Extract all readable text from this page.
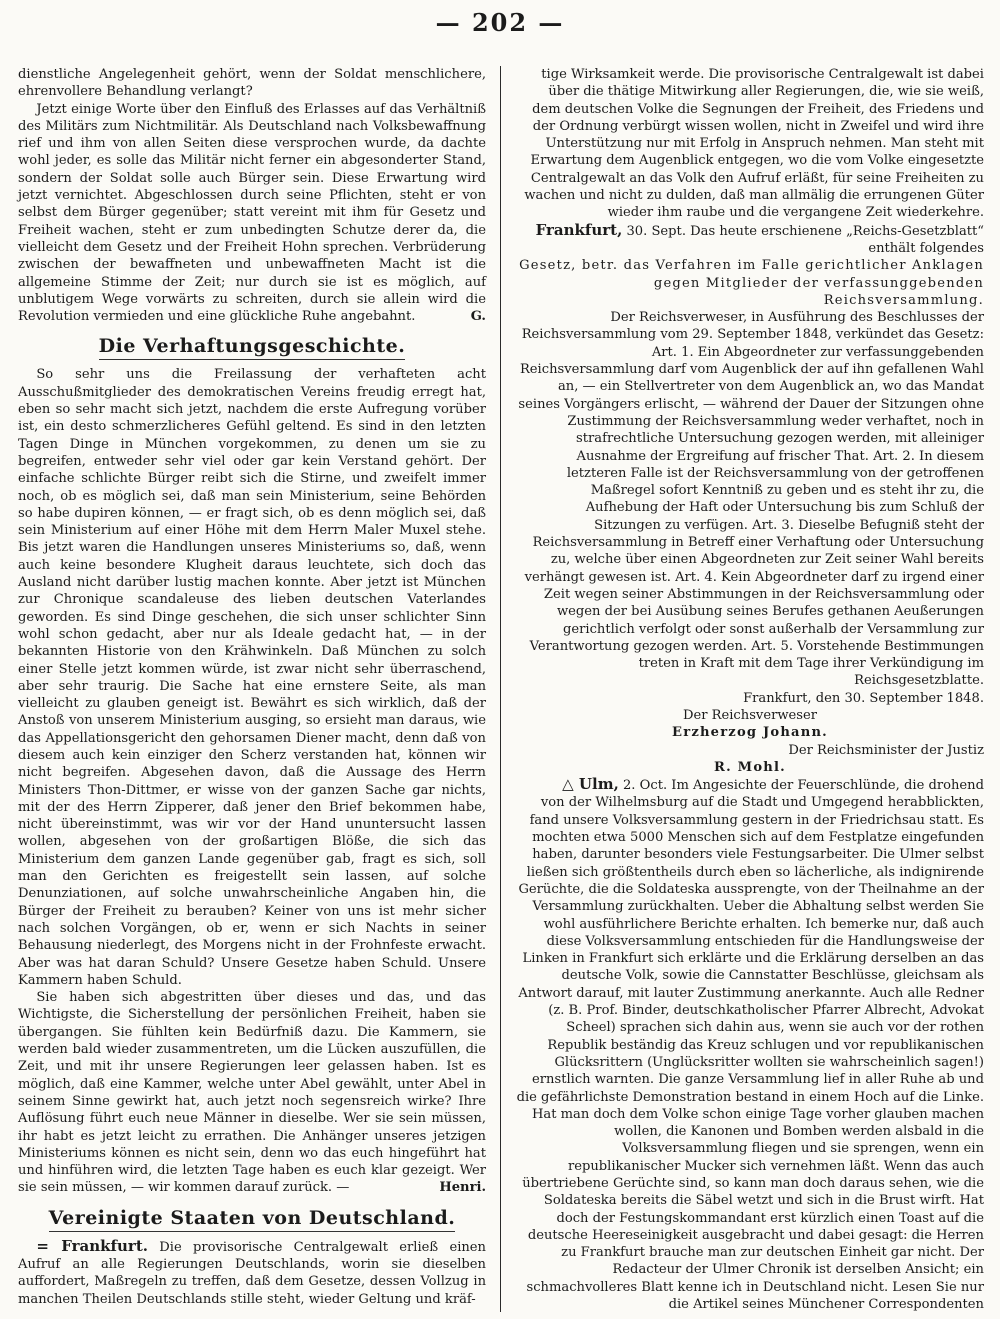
— 202 —

dienstliche Angelegenheit gehört, wenn der Soldat menschlichere, ehrenvollere Behandlung verlangt?

Jetzt einige Worte über den Einfluß des Erlasses auf das Verhältniß des Militärs zum Nichtmilitär. Als Deutschland nach Volksbewaffnung rief und ihm von allen Seiten diese versprochen wurde, da dachte wohl jeder, es solle das Militär nicht ferner ein abgesonderter Stand, sondern der Soldat solle auch Bürger sein. Diese Erwartung wird jetzt vernichtet. Abgeschlossen durch seine Pflichten, steht er von selbst dem Bürger gegenüber; statt vereint mit ihm für Gesetz und Freiheit wachen, steht er zum unbedingten Schutze derer da, die vielleicht dem Gesetz und der Freiheit Hohn sprechen. Verbrüderung zwischen der bewaffneten und unbewaffneten Macht ist die allgemeine Stimme der Zeit; nur durch sie ist es möglich, auf unblutigem Wege vorwärts zu schreiten, durch sie allein wird die Revolution vermieden und eine glückliche Ruhe angebahnt.	G.

Die Verhaftungsgeschichte.

So sehr uns die Freilassung der verhafteten acht Ausschußmitglieder des demokratischen Vereins freudig erregt hat, eben so sehr macht sich jetzt, nachdem die erste Aufregung vorüber ist, ein desto schmerzlicheres Gefühl geltend. Es sind in den letzten Tagen Dinge in München vorgekommen, zu denen um sie zu begreifen, entweder sehr viel oder gar kein Verstand gehört. Der einfache schlichte Bürger reibt sich die Stirne, und zweifelt immer noch, ob es möglich sei, daß man sein Ministerium, seine Behörden so habe dupiren können, — er fragt sich, ob es denn möglich sei, daß sein Ministerium auf einer Höhe mit dem Herrn Maler Muxel stehe. Bis jetzt waren die Handlungen unseres Ministeriums so, daß, wenn auch keine besondere Klugheit daraus leuchtete, sich doch das Ausland nicht darüber lustig machen konnte. Aber jetzt ist München zur Chronique scandaleuse des lieben deutschen Vaterlandes geworden. Es sind Dinge geschehen, die sich unser schlichter Sinn wohl schon gedacht, aber nur als Ideale gedacht hat, — in der bekannten Historie von den Krähwinkeln. Daß München zu solch einer Stelle jetzt kommen würde, ist zwar nicht sehr überraschend, aber sehr traurig. Die Sache hat eine ernstere Seite, als man vielleicht zu glauben geneigt ist. Bewährt es sich wirklich, daß der Anstoß von unserem Ministerium ausging, so ersieht man daraus, wie das Appellationsgericht den gehorsamen Diener macht, denn daß von diesem auch kein einziger den Scherz verstanden hat, können wir nicht begreifen. Abgesehen davon, daß die Aussage des Herrn Ministers Thon-Dittmer, er wisse von der ganzen Sache gar nichts, mit der des Herrn Zipperer, daß jener den Brief bekommen habe, nicht übereinstimmt, was wir vor der Hand ununtersucht lassen wollen, abgesehen von der großartigen Blöße, die sich das Ministerium dem ganzen Lande gegenüber gab, fragt es sich, soll man den Gerichten es freigestellt sein lassen, auf solche Denunziationen, auf solche unwahrscheinliche Angaben hin, die Bürger der Freiheit zu berauben? Keiner von uns ist mehr sicher nach solchen Vorgängen, ob er, wenn er sich Nachts in seiner Behausung niederlegt, des Morgens nicht in der Frohnfeste erwacht. Aber was hat daran Schuld? Unsere Gesetze haben Schuld. Unsere Kammern haben Schuld.

Sie haben sich abgestritten über dieses und das, und das Wichtigste, die Sicherstellung der persönlichen Freiheit, haben sie übergangen. Sie fühlten kein Bedürfniß dazu. Die Kammern, sie werden bald wieder zusammentreten, um die Lücken auszufüllen, die Zeit, und mit ihr unsere Regierungen leer gelassen haben. Ist es möglich, daß eine Kammer, welche unter Abel gewählt, unter Abel in seinem Sinne gewirkt hat, auch jetzt noch segensreich wirke? Ihre Auflösung führt euch neue Männer in dieselbe. Wer sie sein müssen, ihr habt es jetzt leicht zu errathen. Die Anhänger unseres jetzigen Ministeriums können es nicht sein, denn wo das euch hingeführt hat und hinführen wird, die letzten Tage haben es euch klar gezeigt. Wer sie sein müssen, — wir kommen darauf zurück. —	Henri.

Vereinigte Staaten von Deutschland.

= Frankfurt. Die provisorische Centralgewalt erließ einen Aufruf an alle Regierungen Deutschlands, worin sie dieselben auffordert, Maßregeln zu treffen, daß dem Gesetze, dessen Vollzug in manchen Theilen Deutschlands stille steht, wieder Geltung und kräf-

tige Wirksamkeit werde. Die provisorische Centralgewalt ist dabei über die thätige Mitwirkung aller Regierungen, die, wie sie weiß, dem deutschen Volke die Segnungen der Freiheit, des Friedens und der Ordnung verbürgt wissen wollen, nicht in Zweifel und wird ihre Unterstützung nur mit Erfolg in Anspruch nehmen. Man steht mit Erwartung dem Augenblick entgegen, wo die vom Volke eingesetzte Centralgewalt an das Volk den Aufruf erläßt, für seine Freiheiten zu wachen und nicht zu dulden, daß man allmälig die errungenen Güter wieder ihm raube und die vergangene Zeit wiederkehre.

Frankfurt, 30. Sept. Das heute erschienene „Reichs-Gesetzblatt“ enthält folgendes

Gesetz, betr. das Verfahren im Falle gerichtlicher Anklagen gegen Mitglieder der verfassunggebenden Reichsversammlung.

Der Reichsverweser, in Ausführung des Beschlusses der Reichsversammlung vom 29. September 1848, verkündet das Gesetz: Art. 1. Ein Abgeordneter zur verfassunggebenden Reichsversammlung darf vom Augenblick der auf ihn gefallenen Wahl an, — ein Stellvertreter von dem Augenblick an, wo das Mandat seines Vorgängers erlischt, — während der Dauer der Sitzungen ohne Zustimmung der Reichsversammlung weder verhaftet, noch in strafrechtliche Untersuchung gezogen werden, mit alleiniger Ausnahme der Ergreifung auf frischer That. Art. 2. In diesem letzteren Falle ist der Reichsversammlung von der getroffenen Maßregel sofort Kenntniß zu geben und es steht ihr zu, die Aufhebung der Haft oder Untersuchung bis zum Schluß der Sitzungen zu verfügen. Art. 3. Dieselbe Befugniß steht der Reichsversammlung in Betreff einer Verhaftung oder Untersuchung zu, welche über einen Abgeordneten zur Zeit seiner Wahl bereits verhängt gewesen ist. Art. 4. Kein Abgeordneter darf zu irgend einer Zeit wegen seiner Abstimmungen in der Reichsversammlung oder wegen der bei Ausübung seines Berufes gethanen Aeußerungen gerichtlich verfolgt oder sonst außerhalb der Versammlung zur Verantwortung gezogen werden. Art. 5. Vorstehende Bestimmungen treten in Kraft mit dem Tage ihrer Verkündigung im Reichsgesetzblatte.

Frankfurt, den 30. September 1848.

Der Reichsverweser

Erzherzog Johann.

Der Reichsminister der Justiz

R. Mohl.

△ Ulm, 2. Oct. Im Angesichte der Feuerschlünde, die drohend von der Wilhelmsburg auf die Stadt und Umgegend herabblickten, fand unsere Volksversammlung gestern in der Friedrichsau statt. Es mochten etwa 5000 Menschen sich auf dem Festplatze eingefunden haben, darunter besonders viele Festungsarbeiter. Die Ulmer selbst ließen sich größtentheils durch eben so lächerliche, als indignirende Gerüchte, die die Soldateska aussprengte, von der Theilnahme an der Versammlung zurückhalten. Ueber die Abhaltung selbst werden Sie wohl ausführlichere Berichte erhalten. Ich bemerke nur, daß auch diese Volksversammlung entschieden für die Handlungsweise der Linken in Frankfurt sich erklärte und die Erklärung derselben an das deutsche Volk, sowie die Cannstatter Beschlüsse, gleichsam als Antwort darauf, mit lauter Zustimmung anerkannte. Auch alle Redner (z. B. Prof. Binder, deutschkatholischer Pfarrer Albrecht, Advokat Scheel) sprachen sich dahin aus, wenn sie auch vor der rothen Republik beständig das Kreuz schlugen und vor republikanischen Glücksrittern (Unglücksritter wollten sie wahrscheinlich sagen!) ernstlich warnten. Die ganze Versammlung lief in aller Ruhe ab und die gefährlichste Demonstration bestand in einem Hoch auf die Linke. Hat man doch dem Volke schon einige Tage vorher glauben machen wollen, die Kanonen und Bomben werden alsbald in die Volksversammlung fliegen und sie sprengen, wenn ein republikanischer Mucker sich vernehmen läßt. Wenn das auch übertriebene Gerüchte sind, so kann man doch daraus sehen, wie die Soldateska bereits die Säbel wetzt und sich in die Brust wirft. Hat doch der Festungskommandant erst kürzlich einen Toast auf die deutsche Heereseinigkeit ausgebracht und dabei gesagt: die Herren zu Frankfurt brauche man zur deutschen Einheit gar nicht. Der Redacteur der Ulmer Chronik ist derselben Ansicht; ein schmachvolleres Blatt kenne ich in Deutschland nicht. Lesen Sie nur die Artikel seines Münchener Correspondenten
